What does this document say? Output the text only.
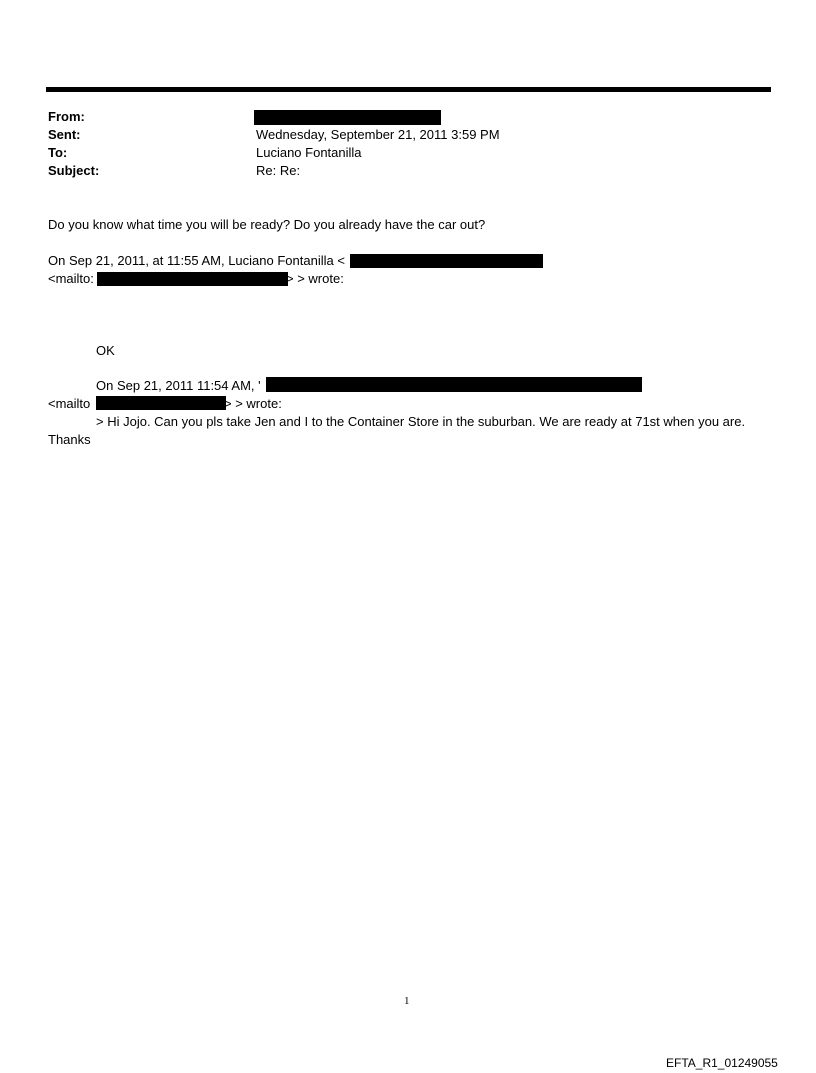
From:
Sent:	Wednesday, September 21, 2011 3:59 PM
To:	Luciano Fontanilla
Subject:	Re: Re:
Do you know what time you will be ready? Do you already have the car out?
On Sep 21, 2011, at 11:55 AM, Luciano Fontanilla <
<mailto:	> > wrote:
OK
On Sep 21, 2011 11:54 AM, '
<mailto	> > wrote:
> Hi Jojo. Can you pls take Jen and I to the Container Store in the suburban. We are ready at 71st when you are.
Thanks
1
EFTA_R1_01249055
